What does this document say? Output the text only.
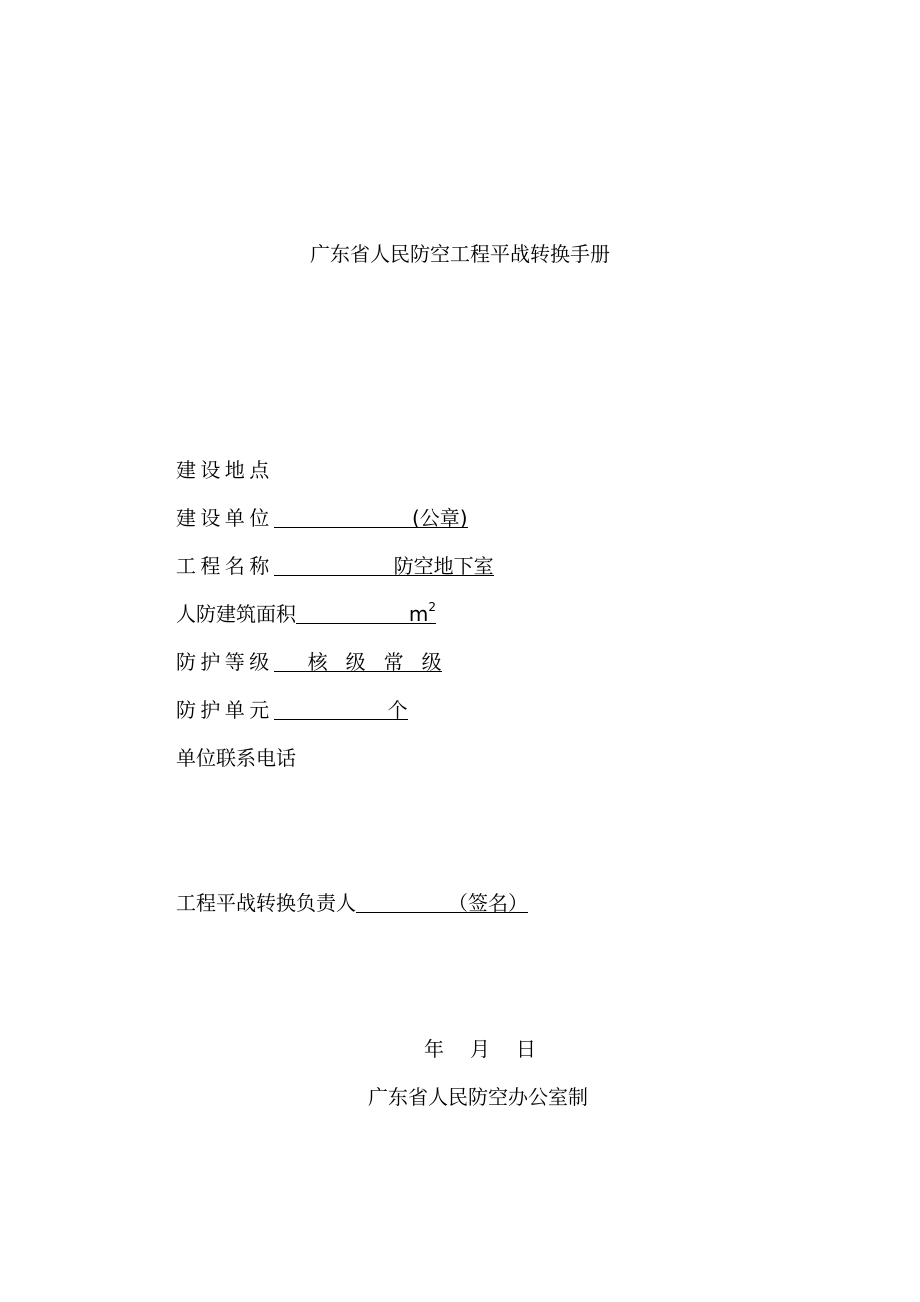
广东省人民防空工程平战转换手册
建设地点
建设单位	(公章)
工程名称	防空地下室
人防建筑面积	$m^2$
防护等级 核级常级
防护单元	个
单位联系电话
工程平战转换负责人	（签名）
年 月 日
广东省人民防空办公室制
